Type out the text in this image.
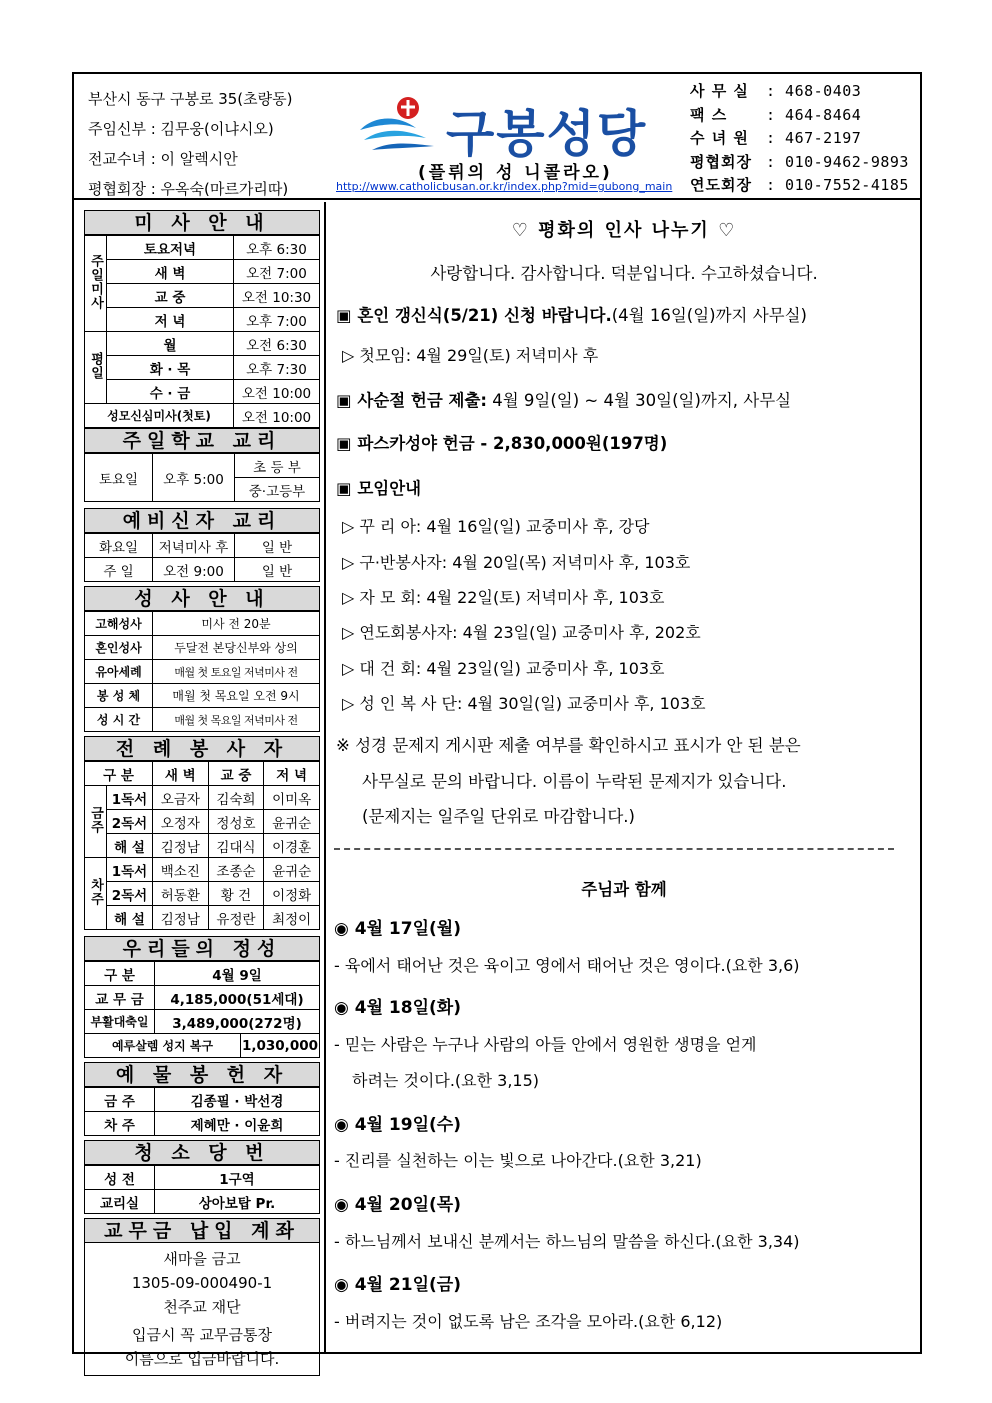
부산시 동구 구봉로 35(초량동)
주임신부 : 김무웅(이냐시오)
전교수녀 : 이 알렉시안
평협회장 : 우옥숙(마르가리따)
구봉성당
(플뤼의 성 니콜라오)
http://www.catholicbusan.or.kr/index.php?mid=gubong_main
사 무 실	: 468-0403
팩 스	: 464-8464
수 녀 원	: 467-2197
평협회장 : 010-9462-9893
연도회장 : 010-7552-4185
미 사 안 내
주일미사	토요저녁	오후 6:30
	새 벽	오전 7:00
	교 중	오전 10:30
	저 녁	오후 7:00
평일	월	오전 6:30
	화 · 목	오후 7:30
	수 · 금	오전 10:00
성모신심미사(첫토)		오전 10:00
주일학교 교리
토요일	오후 5:00	초 등 부
중·고등부
예비신자 교리
화요일	저녁미사 후	일 반
주 일	오전 9:00	일 반
성 사 안 내
고해성사	미사 전 20분
혼인성사	두달전 본당신부와 상의
유아세례	매월 첫 토요일 저녁미사 전
봉 성 체	매월 첫 목요일 오전 9시
성 시 간	매월 첫 목요일 저녁미사 전
전 례 봉 사 자
구 분		새 벽	교 중	저 녁
금주	1독서	오금자	김숙희	이미옥
	2독서	오정자	정성호	윤귀순
	해 설	김정남	김대식	이경훈
차주	1독서	백소진	조종순	윤귀순
	2독서	허동환	황 건	이정화
	해 설	김정남	유정란	최정이
우리들의 정성
구 분	4월 9일	
교 무 금	4,185,000(51세대)	
부활대축일	3,489,000(272명)	
예루살렘 성지 복구		1,030,000
예 물 봉 헌 자
금 주	김종필 · 박선경
차 주	제혜만 · 이윤희
청 소 당 번
성 전	1구역
교리실	상아보탑 Pr.
교무금 납입 계좌
새마을 금고
1305-09-000490-1
천주교 재단
입금시 꼭 교무금통장
이름으로 입금바랍니다.
♡ 평화의 인사 나누기 ♡
사랑합니다. 감사합니다. 덕분입니다. 수고하셨습니다.
▣ 혼인 갱신식(5/21) 신청 바랍니다.(4월 16일(일)까지 사무실)
▷ 첫모임: 4월 29일(토) 저녁미사 후
▣ 사순절 헌금 제출: 4월 9일(일) ~ 4월 30일(일)까지, 사무실
▣ 파스카성야 헌금 - 2,830,000원(197명)
▣ 모임안내
▷ 꾸 리 아: 4월 16일(일) 교중미사 후, 강당
▷ 구·반봉사자: 4월 20일(목) 저녁미사 후, 103호
▷ 자 모 회: 4월 22일(토) 저녁미사 후, 103호
▷ 연도회봉사자: 4월 23일(일) 교중미사 후, 202호
▷ 대 건 회: 4월 23일(일) 교중미사 후, 103호
▷ 성 인 복 사 단: 4월 30일(일) 교중미사 후, 103호
※ 성경 문제지 게시판 제출 여부를 확인하시고 표시가 안 된 분은
사무실로 문의 바랍니다. 이름이 누락된 문제지가 있습니다.
(문제지는 일주일 단위로 마감합니다.)
주님과 함께
◉ 4월 17일(월)
- 육에서 태어난 것은 육이고 영에서 태어난 것은 영이다.(요한 3,6)
◉ 4월 18일(화)
- 믿는 사람은 누구나 사람의 아들 안에서 영원한 생명을 얻게
하려는 것이다.(요한 3,15)
◉ 4월 19일(수)
- 진리를 실천하는 이는 빛으로 나아간다.(요한 3,21)
◉ 4월 20일(목)
- 하느님께서 보내신 분께서는 하느님의 말씀을 하신다.(요한 3,34)
◉ 4월 21일(금)
- 버려지는 것이 없도록 남은 조각을 모아라.(요한 6,12)
